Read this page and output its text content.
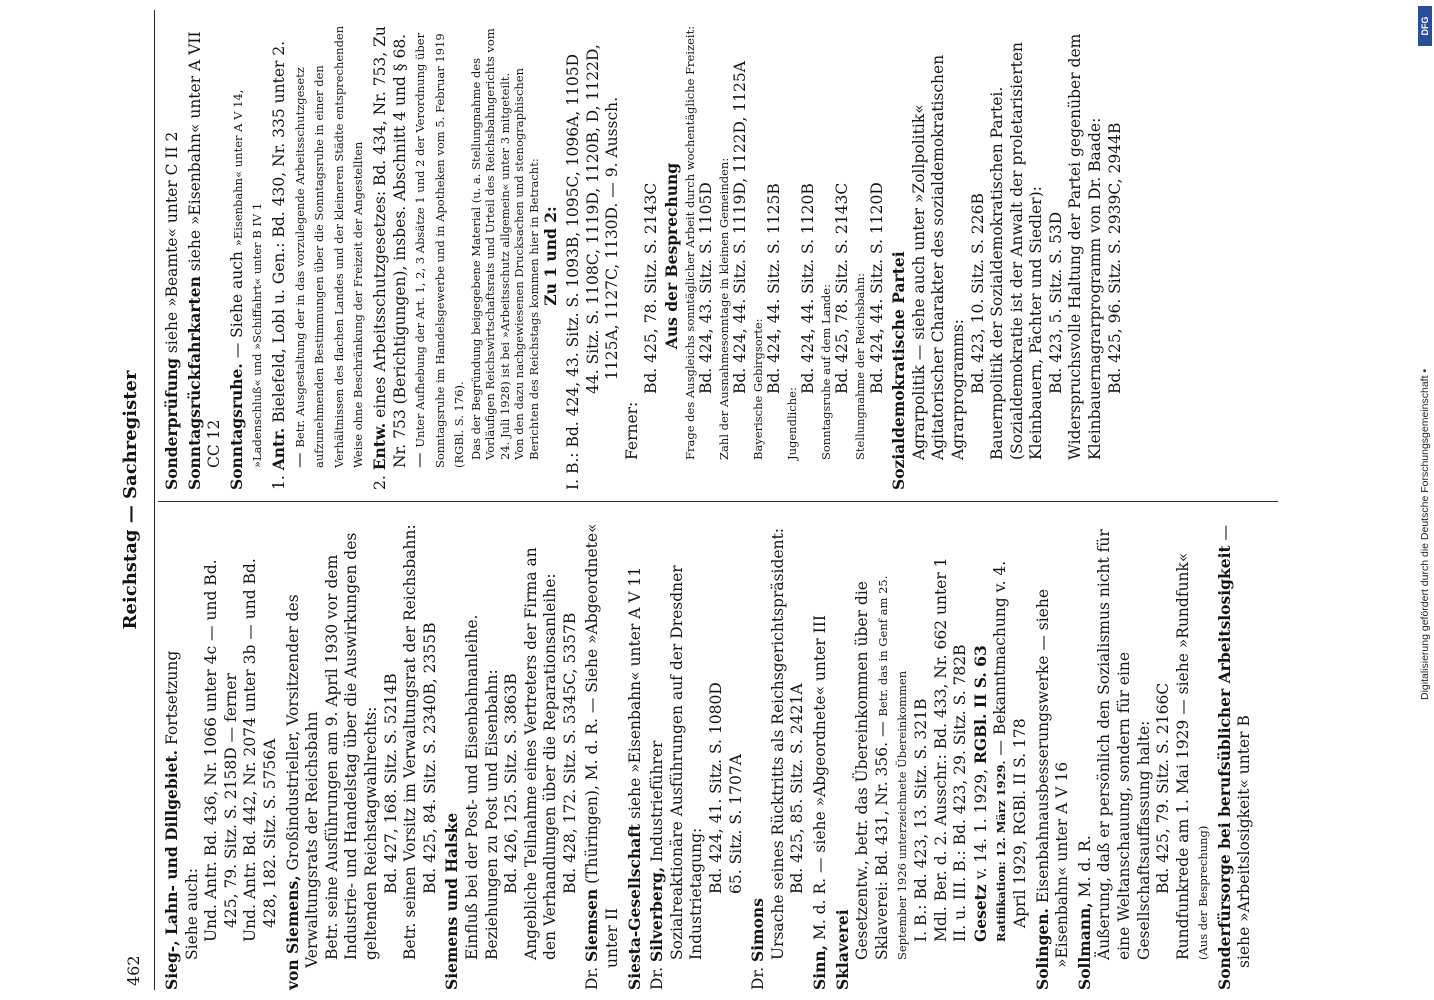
462
Reichstag — Sachregister

Sieg-, Lahn- und Dillgebiet. Fortsetzung

Siehe auch: Und. Antr. Bd. 436, Nr. 1066 unter 4c — und Bd. 425, 79. Sitz. S. 2158D — ferner Und. Antr. Bd. 442, Nr. 2074 unter 3b — und Bd. 428, 182. Sitz. S. 5756A

von Siemens, Großindustrieller, Vorsitzender des Verwaltungsrats der Reichsbahn Betr. seine Ausführungen am 9. April 1930 vor dem Industrie- und Handelstag über die Auswirkungen des geltenden Reichstagwahlrechts: Bd. 427, 168. Sitz. S. 5214B Betr. seinen Vorsitz im Verwaltungsrat der Reichsbahn: Bd. 425, 84. Sitz. S. 2340B, 2355B

Siemens und Halske Einfluß bei der Post- und Eisenbahnanleihe. Beziehungen zu Post und Eisenbahn: Bd. 426, 125. Sitz. S. 3863B Angebliche Teilnahme eines Vertreters der Firma an den Verhandlungen über die Reparationsanleihe: Bd. 428, 172. Sitz. S. 5345C, 5357B

Dr. Siemsen (Thüringen), M. d. R. — Siehe »Abgeordnete« unter II Siesta-Gesellschaft siehe »Eisenbahn« unter A V 11

Dr. Silverberg, Industrieführer Sozialreaktionäre Ausführungen auf der Dresdner Industrietagung: Bd. 424, 41. Sitz. S. 1080D 65. Sitz. S. 1707A

Dr. Simons Ursache seines Rücktritts als Reichsgerichtspräsident: Bd. 425, 85. Sitz. S. 2421A

Sinn, M. d. R. — siehe »Abgeordnete« unter III

Sklaverei Gesetzentw., betr. das Übereinkommen über die Sklaverei: Bd. 431, Nr. 356. — Betr. das in Genf am 25. September 1926 unterzeichnete Übereinkommen I. B.: Bd. 423, 13. Sitz. S. 321B Mdl. Ber. d. 2. Ausschr.: Bd. 433, Nr. 662 unter 1 II. u. III. B.: Bd. 423, 29. Sitz. S. 782B Gesetz v. 14. 1. 1929, RGBl. II S. 63

Ratifikation: 12. März 1929. — Bekanntmachung v. 4. April 1929, RGBl. II S. 178

Solingen. Eisenbahnausbesserungswerke — siehe »Eisenbahn« unter A V 16 Sollmann, M. d. R. Äußerung, daß er persönlich den Sozialismus nicht für eine Weltanschauung, sondern für eine Gesellschaftsauffassung halte: Bd. 425, 79. Sitz. S. 2166C Rundfunkrede am 1. Mai 1929 — siehe »Rundfunk« (Aus der Besprechung) Sonderfürsorge bei berufsüblicher Arbeitslosigkeit — siehe »Arbeitslosigkeit« unter B

Sonderprüfung siehe »Beamte« unter C II 2

Sonntagsrückfahrkarten siehe »Eisenbahn« unter A VII CC 12 Sonntagsruhe. — Siehe auch »Eisenbahn« unter A V 14, »Ladenschluß« und »Schiffahrt« unter B IV 1

1. Antr. Bielefeld, Lobl u. Gen.: Bd. 430, Nr. 335 unter 2. — Betr. Ausgestaltung der in das vorzulegende Arbeitsschutzgesetz aufzunehmenden Bestimmungen über die Sonntagsruhe in einer den Verhältnissen des flachen Landes und der kleineren Städte entsprechenden Weise ohne Beschränkung der Freizeit der Angestellten

2. Entw. eines Arbeitsschutzgesetzes: Bd. 434, Nr. 753, Zu Nr. 753 (Berichtigungen), insbes. Abschnitt 4 und § 68. — Unter Aufhebung der Art. 1, 2, 3 Absätze 1 und 2 der Verordnung über Sonntagsruhe im Handelsgewerbe und in Apotheken vom 5. Februar 1919 (RGBl. S. 176). Das der Begründung beigegebene Material (u. a. Stellungnahme des Vorläufigen Reichswirtschaftsrats und Urteil des Reichsbahngerichts vom 24. Juli 1928) ist bei »Arbeitsschutz allgemein« unter 3 mitgeteilt. Von den dazu nachgewiesenen Drucksachen und stenographischen Berichten des Reichstags kommen hier in Betracht: Zu 1 und 2: I. B.: Bd. 424, 43. Sitz. S. 1093B, 1095C, 1096A, 1105D 44. Sitz. S. 1108C, 1119D, 1120B, D, 1122D, 1125A, 1127C, 1130D. — 9. Aussch.

Ferner:

Bd. 425, 78. Sitz. S. 2143C Aus der Besprechung Frage des Ausgleichs sonntäglicher Arbeit durch wochentägliche Freizeit: Bd. 424, 43. Sitz. S. 1105D Zahl der Ausnahmesonntage in kleinen Gemeinden: Bd. 424, 44. Sitz. S. 1119D, 1122D, 1125A Bayerische Gebirgsorte: Bd. 424, 44. Sitz. S. 1125B

Jugendliche:

Bd. 424, 44. Sitz. S. 1120B Sonntagsruhe auf dem Lande: Bd. 425, 78. Sitz. S. 2143C Stellungnahme der Reichsbahn: Bd. 424, 44. Sitz. S. 1120D Sozialdemokratische Partei Agrarpolitik — siehe auch unter »Zollpolitik« Agitatorischer Charakter des sozialdemokratischen Agrarprogramms: Bd. 423, 10. Sitz. S. 226B Bauernpolitik der Sozialdemokratischen Partei. (Sozialdemokratie ist der Anwalt der proletarisierten Kleinbauern, Pächter und Siedler): Bd. 423, 5. Sitz. S. 53D Widerspruchsvolle Haltung der Partei gegenüber dem Kleinbauernagrarprogramm von Dr. Baade: Bd. 425, 96. Sitz. S. 2939C, 2944B

Digitalisierung gefördert durch die Deutsche Forschungsgemeinschaft •
DFG
